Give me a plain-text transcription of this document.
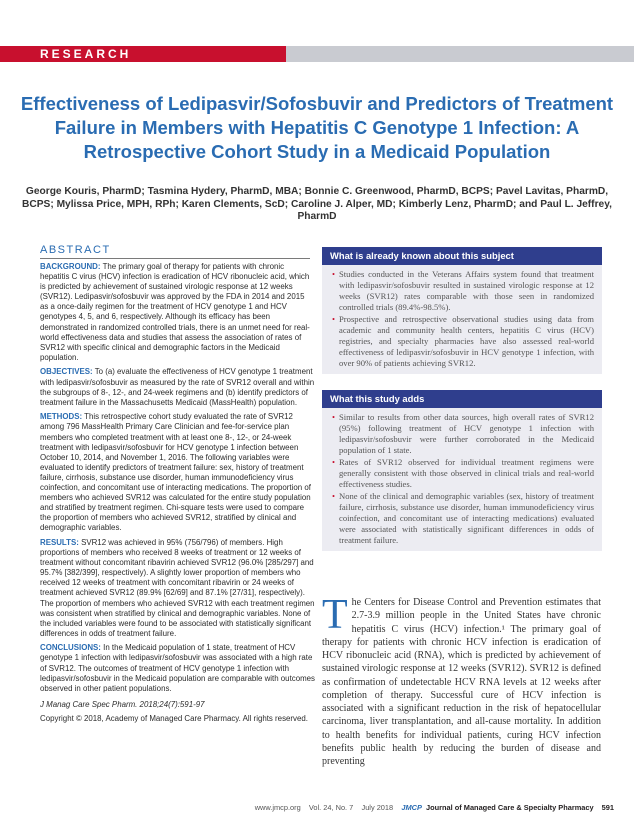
RESEARCH
Effectiveness of Ledipasvir/Sofosbuvir and Predictors of Treatment Failure in Members with Hepatitis C Genotype 1 Infection: A Retrospective Cohort Study in a Medicaid Population
George Kouris, PharmD; Tasmina Hydery, PharmD, MBA; Bonnie C. Greenwood, PharmD, BCPS; Pavel Lavitas, PharmD, BCPS; Mylissa Price, MPH, RPh; Karen Clements, ScD; Caroline J. Alper, MD; Kimberly Lenz, PharmD; and Paul L. Jeffrey, PharmD
ABSTRACT

BACKGROUND: The primary goal of therapy for patients with chronic hepatitis C virus (HCV) infection is eradication of HCV ribonucleic acid, which is predicted by achievement of sustained virologic response at 12 weeks (SVR12). Ledipasvir/sofosbuvir was approved by the FDA in 2014 and 2015 as a once-daily regimen for the treatment of HCV genotype 1 and HCV genotypes 4, 5, and 6, respectively. Although its efficacy has been demonstrated in randomized controlled trials, there is an unmet need for real-world effectiveness data and studies that assess the association of rates of SVR12 with specific clinical and demographic factors in the Medicaid population.

OBJECTIVES: To (a) evaluate the effectiveness of HCV genotype 1 treatment with ledipasvir/sofosbuvir as measured by the rate of SVR12 overall and within the subgroups of 8-, 12-, and 24-week regimens and (b) identify predictors of treatment failure in the Massachusetts Medicaid (MassHealth) population.

METHODS: This retrospective cohort study evaluated the rate of SVR12 among 796 MassHealth Primary Care Clinician and fee-for-service plan members who completed treatment with at least one 8-, 12-, or 24-week treatment with ledipasvir/sofosbuvir for HCV genotype 1 infection between October 10, 2014, and November 1, 2016. The following variables were evaluated to identify predictors of treatment failure: sex, history of treatment failure, cirrhosis, substance use disorder, human immunodeficiency virus coinfection, and concomitant use of interacting medications. The proportion of members who achieved SVR12 was calculated for the entire study population and stratified by treatment regimen. Chi-square tests were used to compare the proportion of members who achieved SVR12, stratified by clinical and demographic variables.

RESULTS: SVR12 was achieved in 95% (756/796) of members. High proportions of members who received 8 weeks of treatment or 12 weeks of treatment without concomitant ribavirin achieved SVR12 (96.0% [285/297] and 95.7% [382/399], respectively). A slightly lower proportion of members who received 12 weeks of treatment with concomitant ribavirin or 24 weeks of treatment achieved SVR12 (89.9% [62/69] and 87.1% [27/31], respectively). The proportion of members who achieved SVR12 with each treatment regimen was consistent when stratified by clinical and demographic variables. None of the included variables were found to be associated with statistically significant differences in odds of treatment failure.

CONCLUSIONS: In the Medicaid population of 1 state, treatment of HCV genotype 1 infection with ledipasvir/sofosbuvir was associated with a high rate of SVR12. The outcomes of treatment of HCV genotype 1 infection with ledipasvir/sofosbuvir in the Medicaid population are comparable with outcomes observed in other patient populations.

J Manag Care Spec Pharm. 2018;24(7):591-97

Copyright © 2018, Academy of Managed Care Pharmacy. All rights reserved.

What is already known about this subject
• Studies conducted in the Veterans Affairs system found that treatment with ledipasvir/sofosbuvir resulted in sustained virologic response at 12 weeks (SVR12) rates comparable with those seen in randomized controlled trials (89.4%-98.5%).
• Prospective and retrospective observational studies using data from academic and community health centers, hepatitis C virus (HCV) registries, and specialty pharmacies have also assessed real-world effectiveness of ledipasvir/sofosbuvir in HCV genotype 1 infection, with over 90% of patients achieving SVR12.
What this study adds
• Similar to results from other data sources, high overall rates of SVR12 (95%) following treatment of HCV genotype 1 infection with ledipasvir/sofosbuvir were further corroborated in the Medicaid population of 1 state.
• Rates of SVR12 observed for individual treatment regimens were generally consistent with those observed in clinical trials and real-world effectiveness studies.
• None of the clinical and demographic variables (sex, history of treatment failure, cirrhosis, substance use disorder, human immunodeficiency virus coinfection, and concomitant use of interacting medications) evaluated were associated with statistically significant differences in odds of treatment failure.
The Centers for Disease Control and Prevention estimates that 2.7-3.9 million people in the United States have chronic hepatitis C virus (HCV) infection.¹ The primary goal of therapy for patients with chronic HCV infection is eradication of HCV ribonucleic acid (RNA), which is predicted by achievement of sustained virologic response at 12 weeks (SVR12). SVR12 is defined as confirmation of undetectable HCV RNA levels at 12 weeks after completion of therapy. Successful cure of HCV infection is associated with a significant reduction in the risk of hepatocellular carcinoma, liver transplantation, and all-cause mortality. In addition to health benefits for individual patients, curing HCV infection benefits public health by reducing the burden of disease and preventing
www.jmcp.org Vol. 24, No. 7 July 2018 JMCP Journal of Managed Care & Specialty Pharmacy 591
